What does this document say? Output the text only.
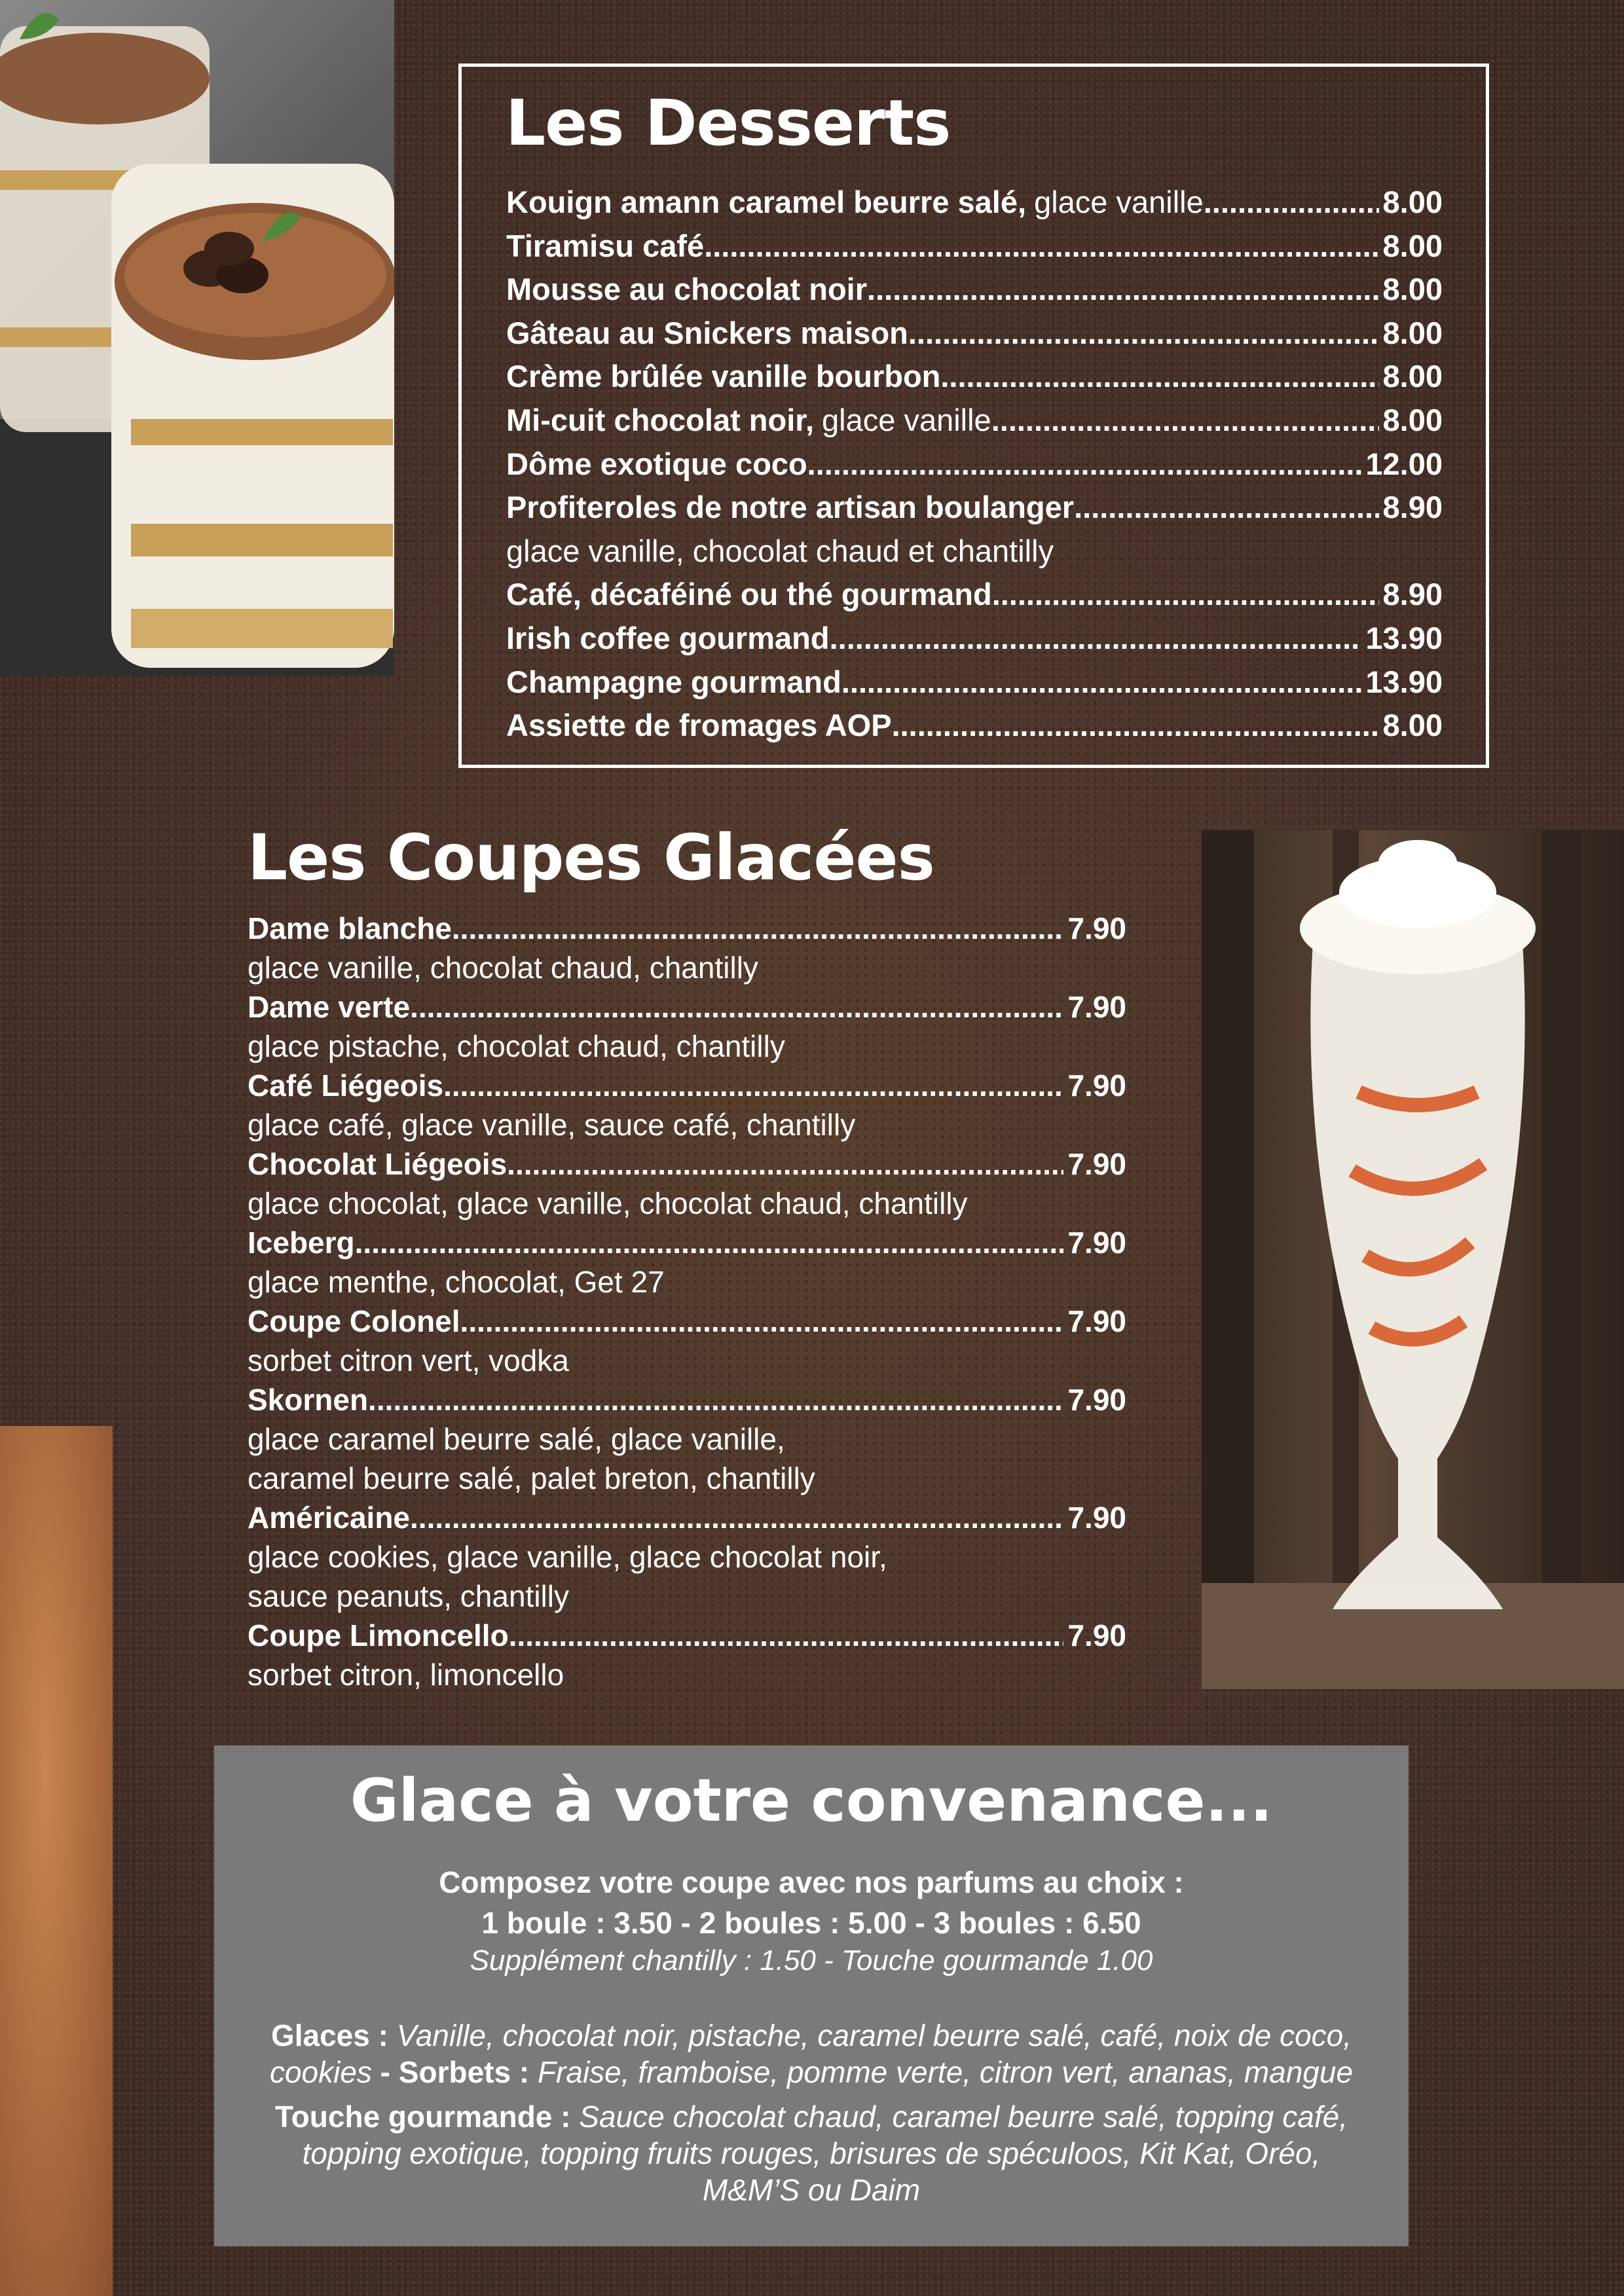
Les Desserts
Kouign amann caramel beurre salé, glace vanille .....	8.00
Tiramisu café .....	8.00
Mousse au chocolat noir .....	8.00
Gâteau au Snickers maison .....	8.00
Crème brûlée vanille bourbon .....	8.00
Mi-cuit chocolat noir, glace vanille .....	8.00
Dôme exotique coco .....	12.00
Profiteroles de notre artisan boulanger .....	8.90
glace vanille, chocolat chaud et chantilly
Café, décaféiné ou thé gourmand .....	8.90
Irish coffee gourmand .....	13.90
Champagne gourmand .....	13.90
Assiette de fromages AOP .....	8.00
Les Coupes Glacées
Dame blanche .....	7.90
glace vanille, chocolat chaud, chantilly
Dame verte .....	7.90
glace pistache, chocolat chaud, chantilly
Café Liégeois .....	7.90
glace café, glace vanille, sauce café, chantilly
Chocolat Liégeois .....	7.90
glace chocolat, glace vanille, chocolat chaud, chantilly
Iceberg .....	7.90
glace menthe, chocolat, Get 27
Coupe Colonel .....	7.90
sorbet citron vert, vodka
Skornen .....	7.90
glace caramel beurre salé, glace vanille,
caramel beurre salé, palet breton, chantilly
Américaine .....	7.90
glace cookies, glace vanille, glace chocolat noir,
sauce peanuts, chantilly
Coupe Limoncello .....	7.90
sorbet citron, limoncello
Glace à votre convenance...
Composez votre coupe avec nos parfums au choix :
1 boule : 3.50 - 2 boules : 5.00 - 3 boules : 6.50
Supplément chantilly : 1.50 - Touche gourmande 1.00
Glaces : Vanille, chocolat noir, pistache, caramel beurre salé, café, noix de coco,
cookies - Sorbets : Fraise, framboise, pomme verte, citron vert, ananas, mangue
Touche gourmande : Sauce chocolat chaud, caramel beurre salé, topping café,
topping exotique, topping fruits rouges, brisures de spéculoos, Kit Kat, Oréo,
M&M’S ou Daim
